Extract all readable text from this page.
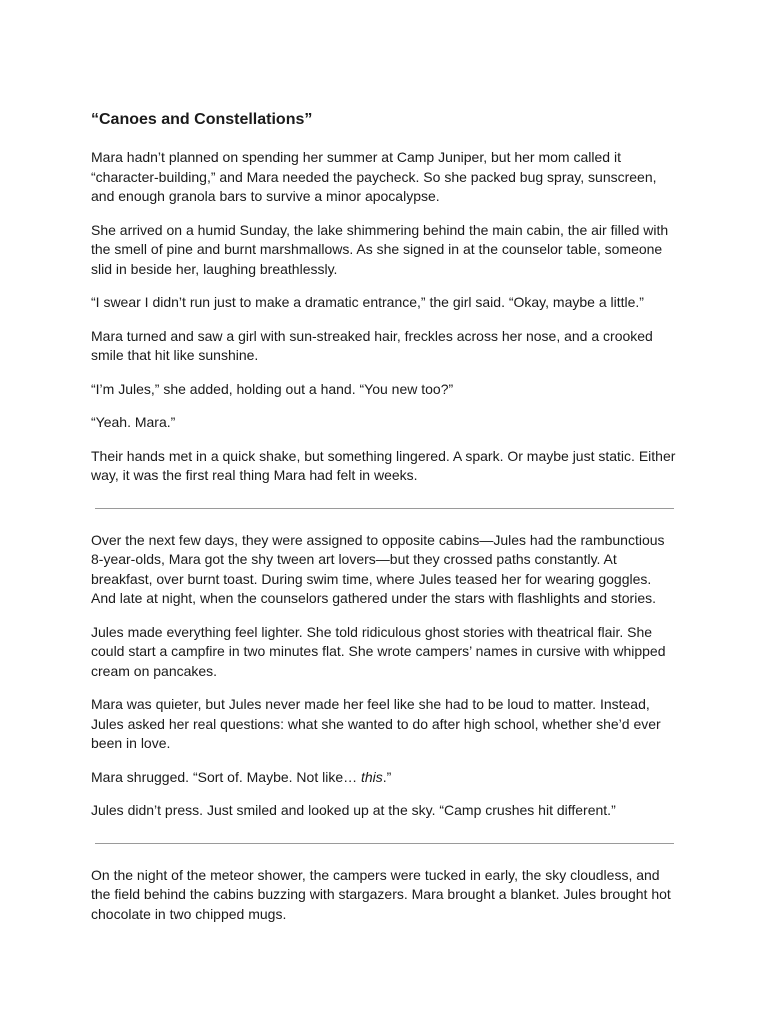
“Canoes and Constellations”

Mara hadn’t planned on spending her summer at Camp Juniper, but her mom called it “character-building,” and Mara needed the paycheck. So she packed bug spray, sunscreen, and enough granola bars to survive a minor apocalypse.

She arrived on a humid Sunday, the lake shimmering behind the main cabin, the air filled with the smell of pine and burnt marshmallows. As she signed in at the counselor table, someone slid in beside her, laughing breathlessly.

“I swear I didn’t run just to make a dramatic entrance,” the girl said. “Okay, maybe a little.”

Mara turned and saw a girl with sun-streaked hair, freckles across her nose, and a crooked smile that hit like sunshine.

“I’m Jules,” she added, holding out a hand. “You new too?”

“Yeah. Mara.”

Their hands met in a quick shake, but something lingered. A spark. Or maybe just static. Either way, it was the first real thing Mara had felt in weeks.

Over the next few days, they were assigned to opposite cabins—Jules had the rambunctious 8-year-olds, Mara got the shy tween art lovers—but they crossed paths constantly. At breakfast, over burnt toast. During swim time, where Jules teased her for wearing goggles. And late at night, when the counselors gathered under the stars with flashlights and stories.

Jules made everything feel lighter. She told ridiculous ghost stories with theatrical flair. She could start a campfire in two minutes flat. She wrote campers’ names in cursive with whipped cream on pancakes.

Mara was quieter, but Jules never made her feel like she had to be loud to matter. Instead, Jules asked her real questions: what she wanted to do after high school, whether she’d ever been in love.

Mara shrugged. “Sort of. Maybe. Not like… this.”

Jules didn’t press. Just smiled and looked up at the sky. “Camp crushes hit different.”

On the night of the meteor shower, the campers were tucked in early, the sky cloudless, and the field behind the cabins buzzing with stargazers. Mara brought a blanket. Jules brought hot chocolate in two chipped mugs.
